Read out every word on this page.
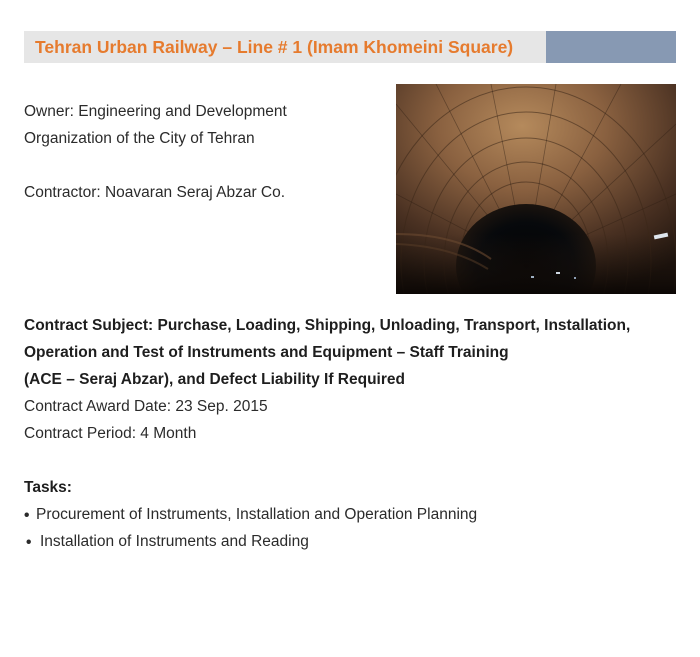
Tehran Urban Railway – Line # 1 (Imam Khomeini Square)

Owner: Engineering and Development

Organization of the City of Tehran

Contractor: Noavaran Seraj Abzar Co.

Contract Subject: Purchase, Loading, Shipping, Unloading, Transport, Installation,

Operation and Test of Instruments and Equipment – Staff Training

(ACE – Seraj Abzar), and Defect Liability If Required

Contract Award Date: 23 Sep. 2015

Contract Period: 4 Month

Tasks:

• Procurement of Instruments, Installation and Operation Planning
• Installation of Instruments and Reading
